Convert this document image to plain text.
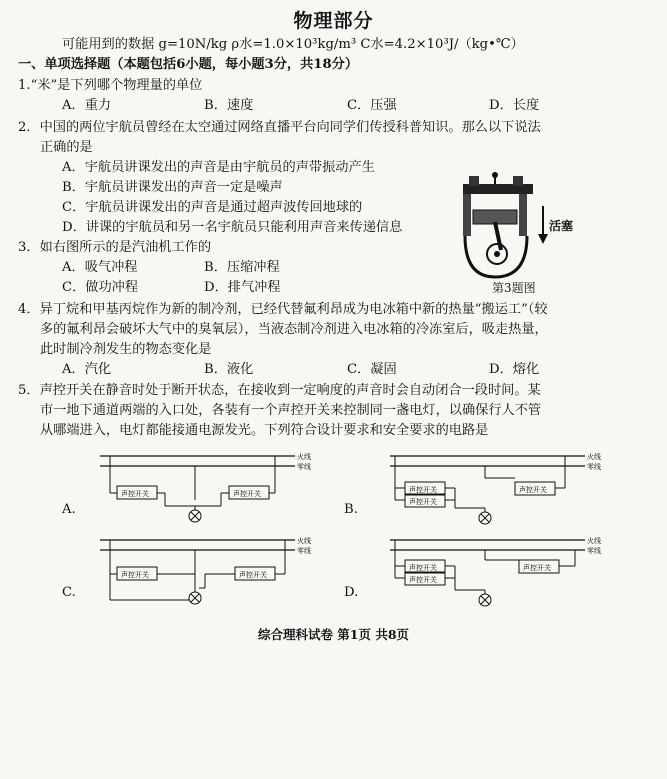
物理部分
可能用到的数据 g=10N/kg ρ水=1.0×10³kg/m³ C水=4.2×10³J/（kg•℃）
一、单项选择题（本题包括6小题，每小题3分，共18分）
1.“米”是下列哪个物理量的单位
A．重力	B．速度	C．压强	D．长度
2．中国的两位宇航员曾经在太空通过网络直播平台向同学们传授科普知识。那么以下说法
正确的是
A．宇航员讲课发出的声音是由宇航员的声带振动产生
B．宇航员讲课发出的声音一定是噪声
C．宇航员讲课发出的声音是通过超声波传回地球的
D．讲课的宇航员和另一名宇航员只能利用声音来传递信息
3．如右图所示的是汽油机工作的
A．吸气冲程	B．压缩冲程
C．做功冲程	D．排气冲程
活塞
第3题图
4．异丁烷和甲基丙烷作为新的制冷剂，已经代替氟利昂成为电冰箱中新的热量“搬运工”（较
多的氟利昂会破坏大气中的臭氧层），当液态制冷剂进入电冰箱的冷冻室后，吸走热量，
此时制冷剂发生的物态变化是
A．汽化	B．液化	C．凝固	D．熔化
5．声控开关在静音时处于断开状态，在接收到一定响度的声音时会自动闭合一段时间。某
市一地下通道两端的入口处，各装有一个声控开关来控制同一盏电灯，以确保行人不管
从哪端进入，电灯都能接通电源发光。下列符合设计要求和安全要求的电路是
火线
零线
声控开关	声控开关
A.
火线
零线
声控开关
声控开关
声控开关
B.
火线
零线
声控开关	声控开关
C.
火线
零线
声控开关
声控开关
声控开关
D.
综合理科试卷 第1页 共8页
